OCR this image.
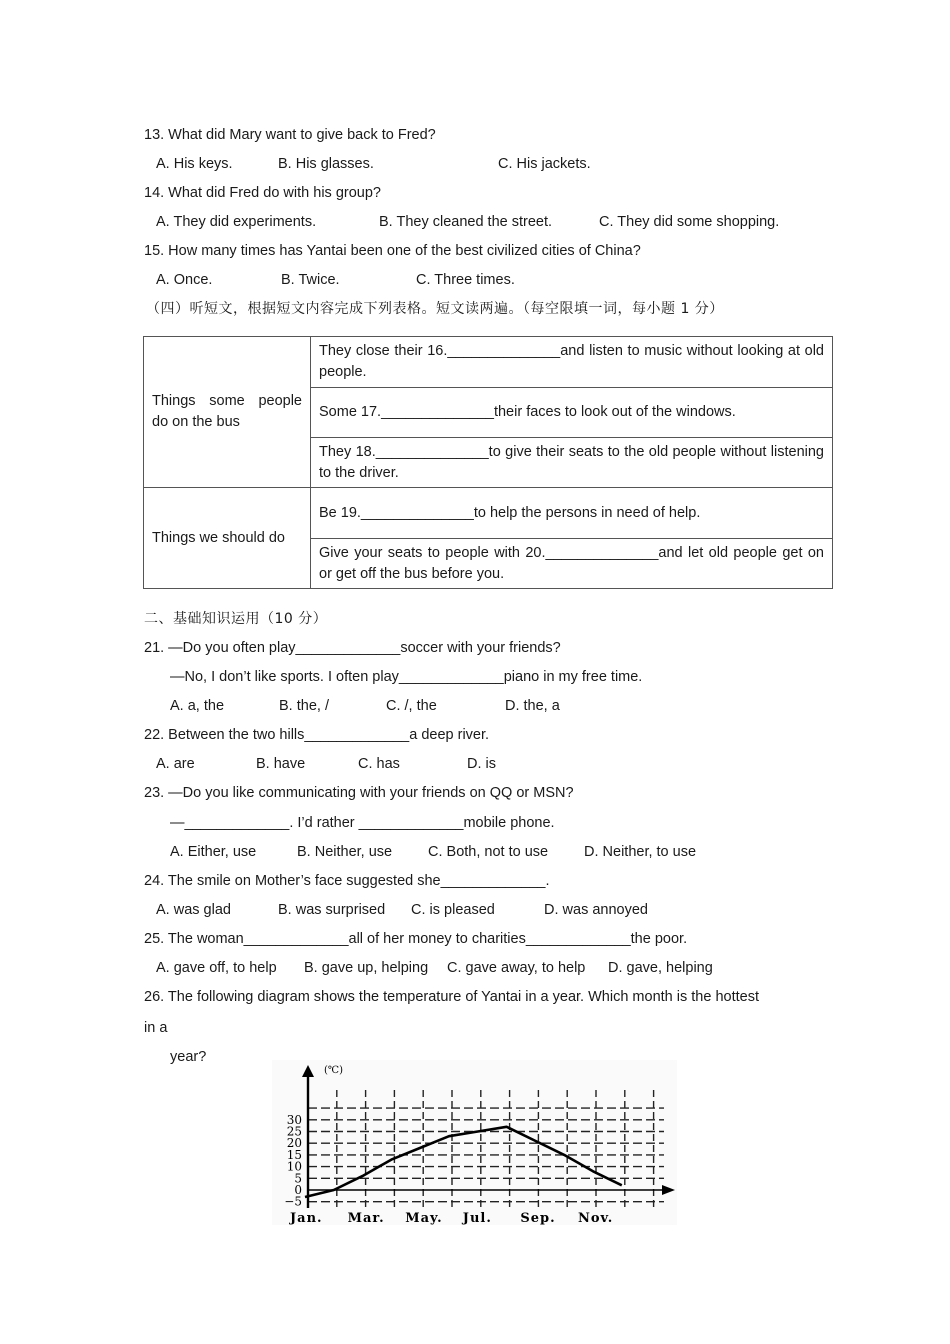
13. What did Mary want to give back to Fred?
A. His keys.	B. His glasses.	C. His jackets.
14. What did Fred do with his group?
A. They did experiments.	B. They cleaned the street.	C. They did some shopping.
15. How many times has Yantai been one of the best civilized cities of China?
A. Once.	B. Twice.	C. Three times.
（四）听短文，根据短文内容完成下列表格。短文读两遍。（每空限填一词，每小题 1 分）
Things some people do on the bus	They close their 16.______________and listen to music without looking at old people.
	Some 17.______________their faces to look out of the windows.
	They 18.______________to give their seats to the old people without listening to the driver.
Things we should do	Be 19.______________to help the persons in need of help.
	Give your seats to people with 20.______________and let old people get on or get off the bus before you.
二、基础知识运用（10 分）
21. —Do you often play_____________soccer with your friends?
—No, I don’t like sports. I often play_____________piano in my free time.
A. a, the	B. the, /	C. /, the	D. the, a
22. Between the two hills_____________a deep river.
A. are	B. have	C. has	D. is
23. —Do you like communicating with your friends on QQ or MSN?
—_____________. I’d rather _____________mobile phone.
A. Either, use	B. Neither, use C. Both, not to use D. Neither, to use
24. The smile on Mother’s face suggested she_____________.
A. was glad	B. was surprised C. is pleased	D. was annoyed
25. The woman_____________all of her money to charities_____________the poor.
A. gave off, to help B. gave up, helping C. gave away, to help D. gave, helping
26. The following diagram shows the temperature of Yantai in a year. Which month is the hottest
in a
year?
(℃)
−5
0
5
10
15
20
25
30
Jan. Mar. May. Jul. Sep. Nov.
